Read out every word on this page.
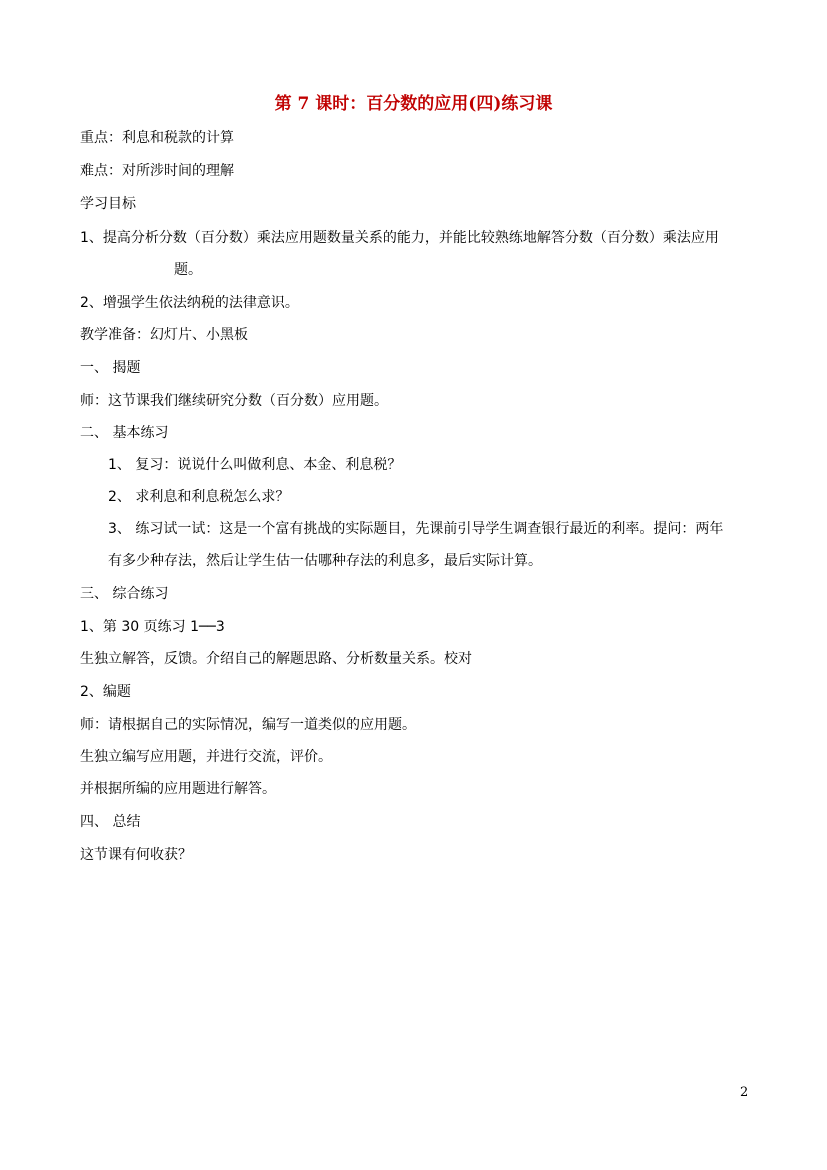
第 7 课时：百分数的应用(四)练习课
重点：利息和税款的计算
难点：对所涉时间的理解
学习目标
1、提高分析分数（百分数）乘法应用题数量关系的能力，并能比较熟练地解答分数（百分数）乘法应用
题。
2、增强学生依法纳税的法律意识。
教学准备：幻灯片、小黑板
一、 揭题
师：这节课我们继续研究分数（百分数）应用题。
二、 基本练习
1、 复习：说说什么叫做利息、本金、利息税？
2、 求利息和利息税怎么求？
3、 练习试一试：这是一个富有挑战的实际题目，先课前引导学生调查银行最近的利率。提问：两年
有多少种存法，然后让学生估一估哪种存法的利息多，最后实际计算。
三、 综合练习
1、第 30 页练习 1──3
生独立解答，反馈。介绍自己的解题思路、分析数量关系。校对
2、编题
师：请根据自己的实际情况，编写一道类似的应用题。
生独立编写应用题，并进行交流，评价。
并根据所编的应用题进行解答。
四、 总结
这节课有何收获？
2
